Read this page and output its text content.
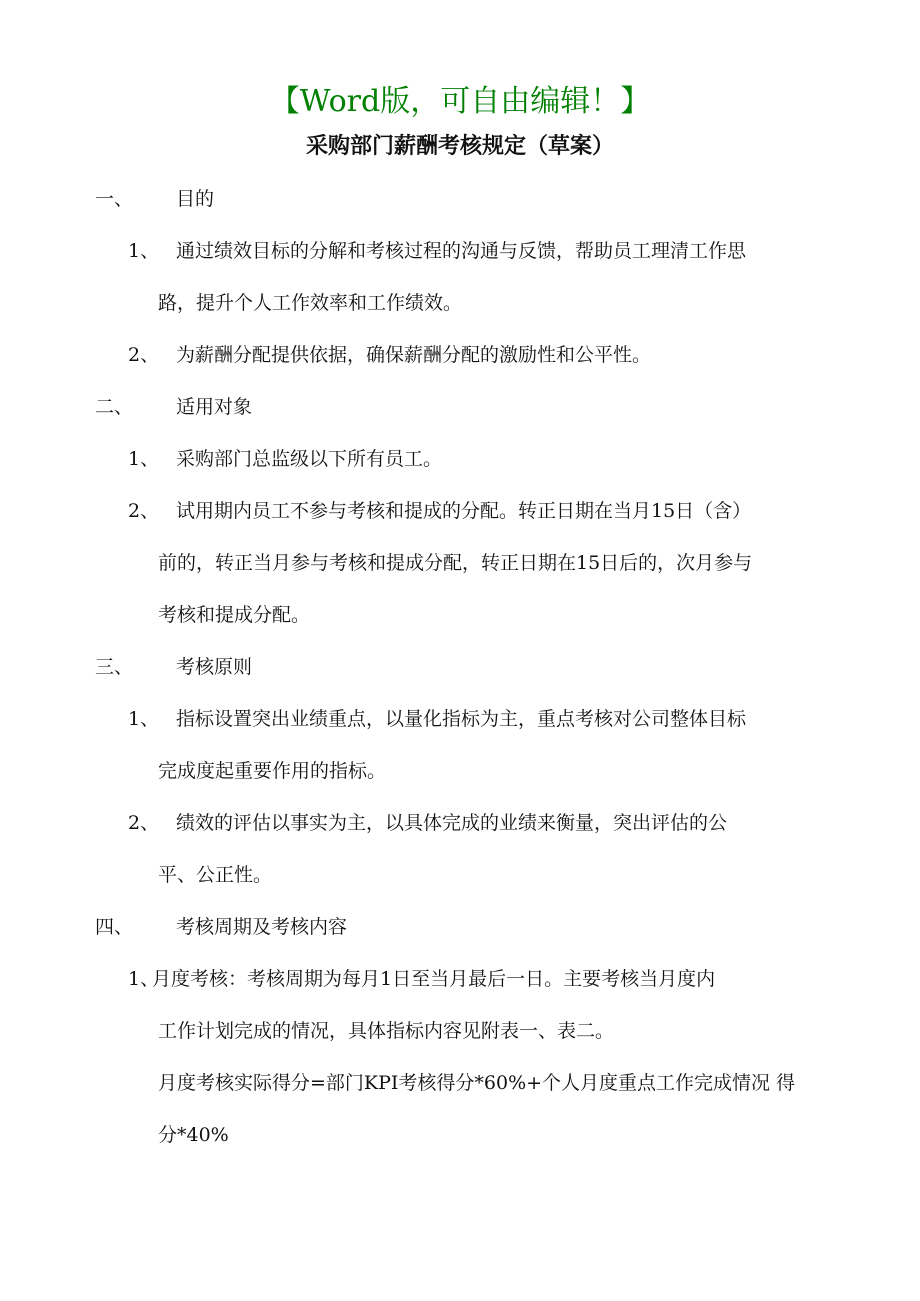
【Word版，可自由编辑！】
采购部门薪酬考核规定（草案）
一、 目的
1、 通过绩效目标的分解和考核过程的沟通与反馈，帮助员工理清工作思
路，提升个人工作效率和工作绩效。
2、 为薪酬分配提供依据，确保薪酬分配的激励性和公平性。
二、 适用对象
1、 采购部门总监级以下所有员工。
2、 试用期内员工不参与考核和提成的分配。转正日期在当月15日（含）
前的，转正当月参与考核和提成分配，转正日期在15日后的，次月参与
考核和提成分配。
三、 考核原则
1、 指标设置突出业绩重点，以量化指标为主，重点考核对公司整体目标
完成度起重要作用的指标。
2、 绩效的评估以事实为主，以具体完成的业绩来衡量，突出评估的公
平、公正性。
四、 考核周期及考核内容
1、
月度考核：考核周期为每月1日至当月最后一日。主要考核当月度内
工作计划完成的情况，具体指标内容见附表一、表二。
月度考核实际得分=部门KPI考核得分*60%+个人月度重点工作完成情况 得
分*40%
